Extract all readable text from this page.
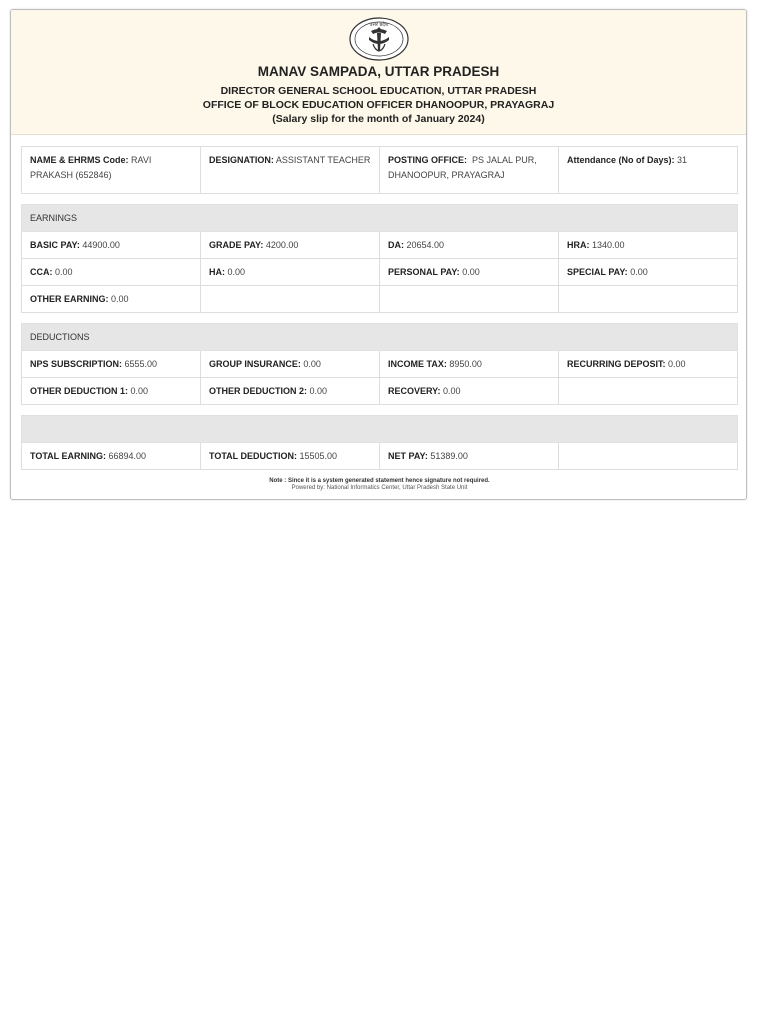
उत्तर प्रदेश
MANAV SAMPADA, UTTAR PRADESH
DIRECTOR GENERAL SCHOOL EDUCATION, UTTAR PRADESH
OFFICE OF BLOCK EDUCATION OFFICER DHANOOPUR, PRAYAGRAJ
(Salary slip for the month of January 2024)
NAME & EHRMS Code: RAVI PRAKASH (652846)	DESIGNATION: ASSISTANT TEACHER	POSTING OFFICE: PS JALAL PUR, DHANOOPUR, PRAYAGRAJ	Attendance (No of Days): 31
EARNINGS			
BASIC PAY: 44900.00	GRADE PAY: 4200.00	DA: 20654.00	HRA: 1340.00
CCA: 0.00	HA: 0.00	PERSONAL PAY: 0.00	SPECIAL PAY: 0.00
OTHER EARNING: 0.00			
DEDUCTIONS			
NPS SUBSCRIPTION: 6555.00	GROUP INSURANCE: 0.00	INCOME TAX: 8950.00	RECURRING DEPOSIT: 0.00
OTHER DEDUCTION 1: 0.00	OTHER DEDUCTION 2: 0.00	RECOVERY: 0.00	

TOTAL EARNING: 66894.00	TOTAL DEDUCTION: 15505.00	NET PAY: 51389.00	
Note : Since it is a system generated statement hence signature not required.
Powered by: National Informatics Center, Uttar Pradesh State Unit
